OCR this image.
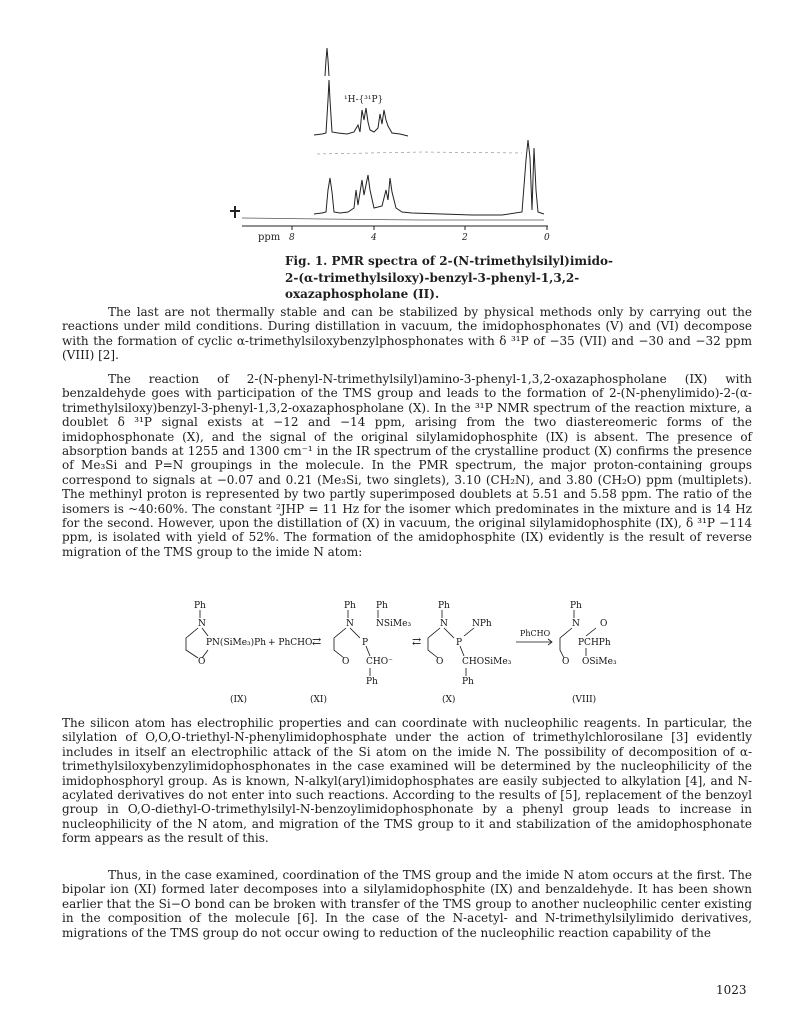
¹H-{³¹P}
ppm 8	4	2	0
Fig. 1. PMR spectra of 2-(N-trimethylsilyl)imido-2-(α-trimethylsiloxy)-benzyl-3-phenyl-1,3,2-oxazaphospholane (II).

The last are not thermally stable and can be stabilized by physical methods only by carrying out the reactions under mild conditions. During distillation in vacuum, the imidophosphonates (V) and (VI) decompose with the formation of cyclic α-trimethylsiloxybenzylphosphonates with δ ³¹P of −35 (VII) and −30 and −32 ppm (VIII) [2].

The reaction of 2-(N-phenyl-N-trimethylsilyl)amino-3-phenyl-1,3,2-oxazaphospholane (IX) with benzaldehyde goes with participation of the TMS group and leads to the formation of 2-(N-phenylimido)-2-(α-trimethylsiloxy)benzyl-3-phenyl-1,3,2-oxazaphospholane (X). In the ³¹P NMR spectrum of the reaction mixture, a doublet δ ³¹P signal exists at −12 and −14 ppm, arising from the two diastereomeric forms of the imidophosphonate (X), and the signal of the original silylamidophosphite (IX) is absent. The presence of absorption bands at 1255 and 1300 cm⁻¹ in the IR spectrum of the crystalline product (X) confirms the presence of Me₃Si and P=N groupings in the molecule. In the PMR spectrum, the major proton-containing groups correspond to signals at −0.07 and 0.21 (Me₃Si, two singlets), 3.10 (CH₂N), and 3.80 (CH₂O) ppm (multiplets). The methinyl proton is represented by two partly superimposed doublets at 5.51 and 5.58 ppm. The ratio of the isomers is ~40:60%. The constant ²JHP = 11 Hz for the isomer which predominates in the mixture and is 14 Hz for the second. However, upon the distillation of (X) in vacuum, the original silylamidophosphite (IX), δ ³¹P −114 ppm, is isolated with yield of 52%. The formation of the amidophosphite (IX) evidently is the result of reverse migration of the TMS group to the imide N atom:

Ph
N
O
PN(SiMe₃)Ph + PhCHO ⇄
Ph Ph
N NSiMe₃
P
O CHO⁻
Ph
⇄
Ph
N	NPh
P
O CHOSiMe₃
Ph
PhCHO
Ph
N O
PCHPh
O OSiMe₃
(IX)	(XI)	(X)	(VIII)

The silicon atom has electrophilic properties and can coordinate with nucleophilic reagents. In particular, the silylation of O,O,O-triethyl-N-phenylimidophosphate under the action of trimethylchlorosilane [3] evidently includes in itself an electrophilic attack of the Si atom on the imide N. The possibility of decomposition of α-trimethylsiloxybenzylimidophosphonates in the case examined will be determined by the nucleophilicity of the imidophosphoryl group. As is known, N-alkyl(aryl)imidophosphates are easily subjected to alkylation [4], and N-acylated derivatives do not enter into such reactions. According to the results of [5], replacement of the benzoyl group in O,O-diethyl-O-trimethylsilyl-N-benzoylimidophosphonate by a phenyl group leads to increase in nucleophilicity of the N atom, and migration of the TMS group to it and stabilization of the amidophosphonate form appears as the result of this.

Thus, in the case examined, coordination of the TMS group and the imide N atom occurs at the first. The bipolar ion (XI) formed later decomposes into a silylamidophosphite (IX) and benzaldehyde. It has been shown earlier that the Si−O bond can be broken with transfer of the TMS group to another nucleophilic center existing in the composition of the molecule [6]. In the case of the N-acetyl- and N-trimethylsilylimido derivatives, migrations of the TMS group do not occur owing to reduction of the nucleophilic reaction capability of the

1023
